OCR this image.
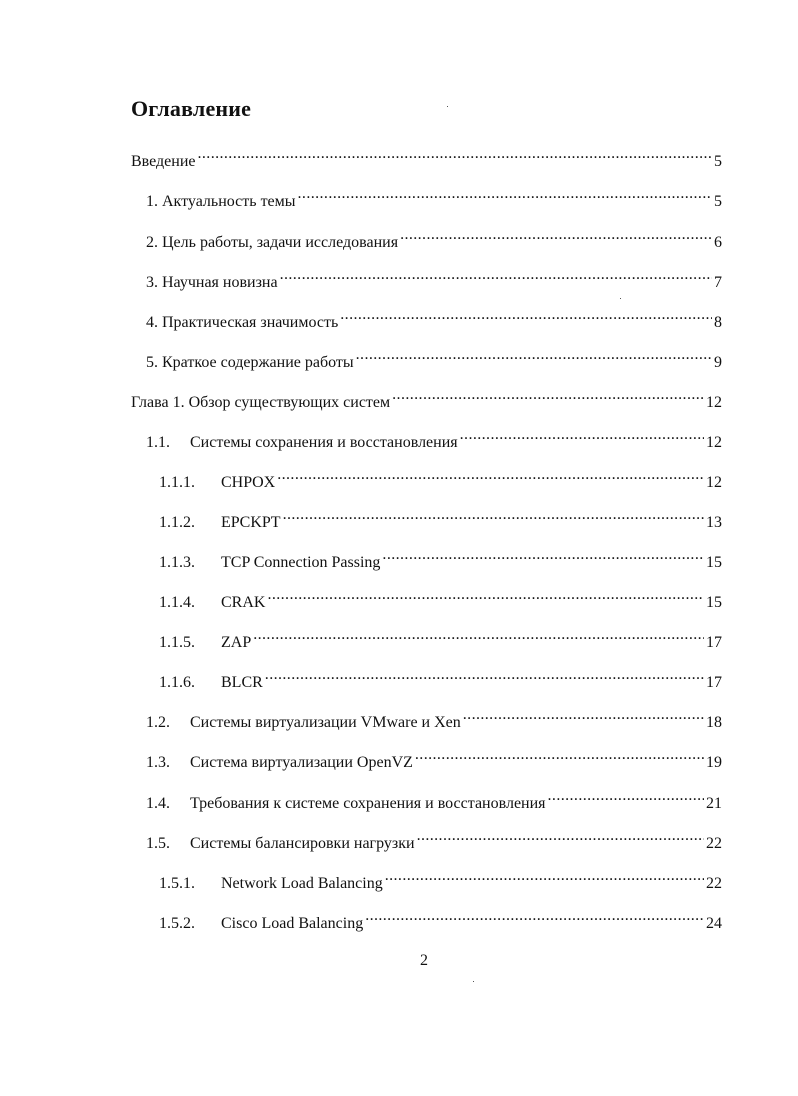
Оглавление
Введение .....	5
1. Актуальность темы .....	5
2. Цель работы, задачи исследования .....	6
3. Научная новизна .....	7
4. Практическая значимость .....	8
5. Краткое содержание работы .....	9
Глава 1. Обзор существующих систем .....	12
1.1.	Системы сохранения и восстановления .....	12
1.1.1.	CHPOX .....	12
1.1.2.	EPCKPT .....	13
1.1.3.	TCP Connection Passing .....	15
1.1.4.	CRAK .....	15
1.1.5.	ZAP .....	17
1.1.6.	BLCR .....	17
1.2.	Системы виртуализации VMware и Xen .....	18
1.3.	Система виртуализации OpenVZ .....	19
1.4.	Требования к системе сохранения и восстановления .....	21
1.5.	Системы балансировки нагрузки .....	22
1.5.1.	Network Load Balancing .....	22
1.5.2.	Cisco Load Balancing .....	24
2
